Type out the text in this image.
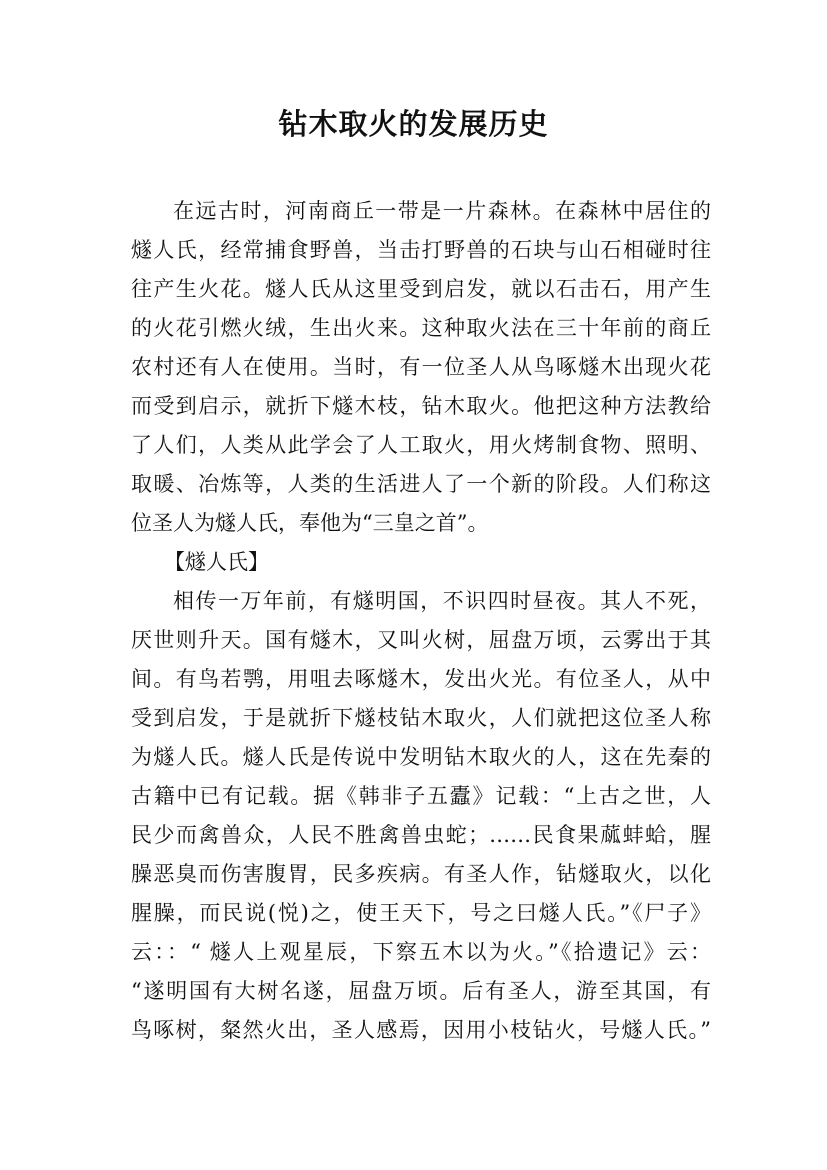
钻木取火的发展历史
在远古时，河南商丘一带是一片森林。在森林中居住的
燧人氏，经常捕食野兽，当击打野兽的石块与山石相碰时往
往产生火花。燧人氏从这里受到启发，就以石击石，用产生
的火花引燃火绒，生出火来。这种取火法在三十年前的商丘
农村还有人在使用。当时，有一位圣人从鸟啄燧木出现火花
而受到启示，就折下燧木枝，钻木取火。他把这种方法教给
了人们，人类从此学会了人工取火，用火烤制食物、照明、
取暖、冶炼等，人类的生活进人了一个新的阶段。人们称这
位圣人为燧人氏，奉他为“三皇之首”。
【燧人氏】
相传一万年前，有燧明国，不识四时昼夜。其人不死，
厌世则升天。国有燧木，又叫火树，屈盘万顷，云雾出于其
间。有鸟若鹗，用咀去啄燧木，发出火光。有位圣人，从中
受到启发，于是就折下燧枝钻木取火，人们就把这位圣人称
为燧人氏。燧人氏是传说中发明钻木取火的人，这在先秦的
古籍中已有记载。据《韩非子五蠹》记载：“上古之世，人
民少而禽兽众，人民不胜禽兽虫蛇；……民食果蓏蚌蛤，腥
臊恶臭而伤害腹胃，民多疾病。有圣人作，钻燧取火，以化
腥臊，而民说(悦)之，使王天下，号之曰燧人氏。”《尸子》
云：：“ 燧人上观星辰，下察五木以为火。”《拾遗记》云：
“遂明国有大树名遂，屈盘万顷。后有圣人，游至其国，有
鸟啄树，粲然火出，圣人感焉，因用小枝钻火，号燧人氏。”
